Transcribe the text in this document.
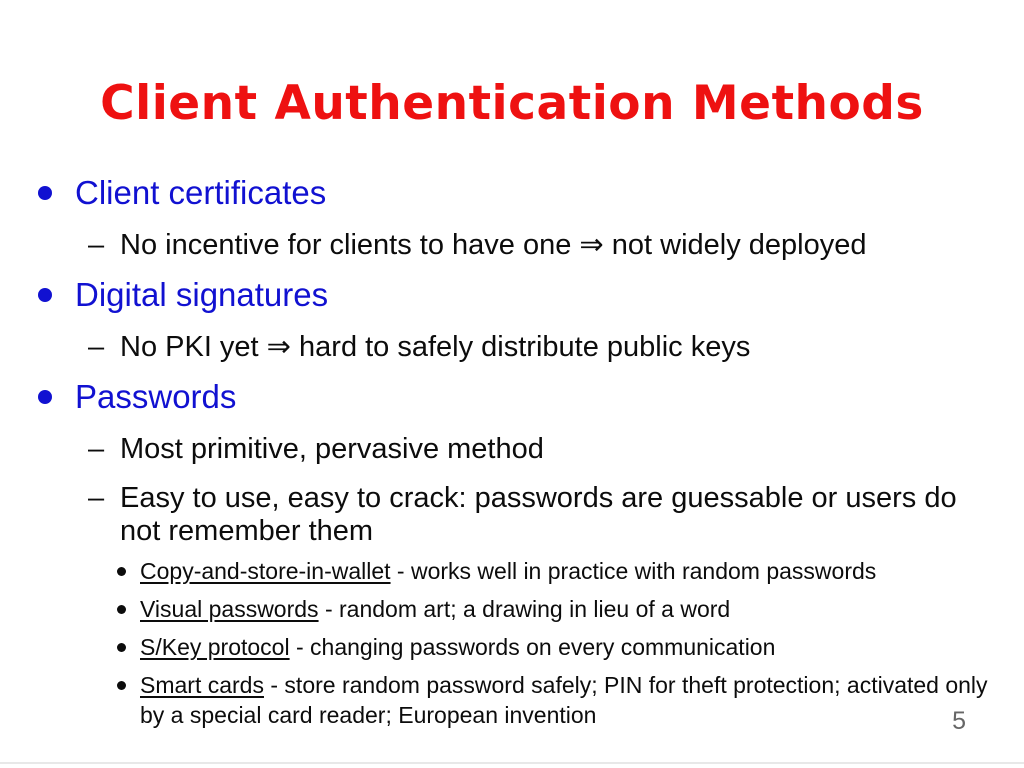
Client Authentication Methods
Client certificates
– No incentive for clients to have one ⇒ not widely deployed
Digital signatures
– No PKI yet ⇒ hard to safely distribute public keys
Passwords
– Most primitive, pervasive method
– Easy to use, easy to crack: passwords are guessable or users do not remember them
Copy-and-store-in-wallet - works well in practice with random passwords
Visual passwords - random art; a drawing in lieu of a word
S/Key protocol - changing passwords on every communication
Smart cards - store random password safely; PIN for theft protection; activated only by a special card reader; European invention	5
